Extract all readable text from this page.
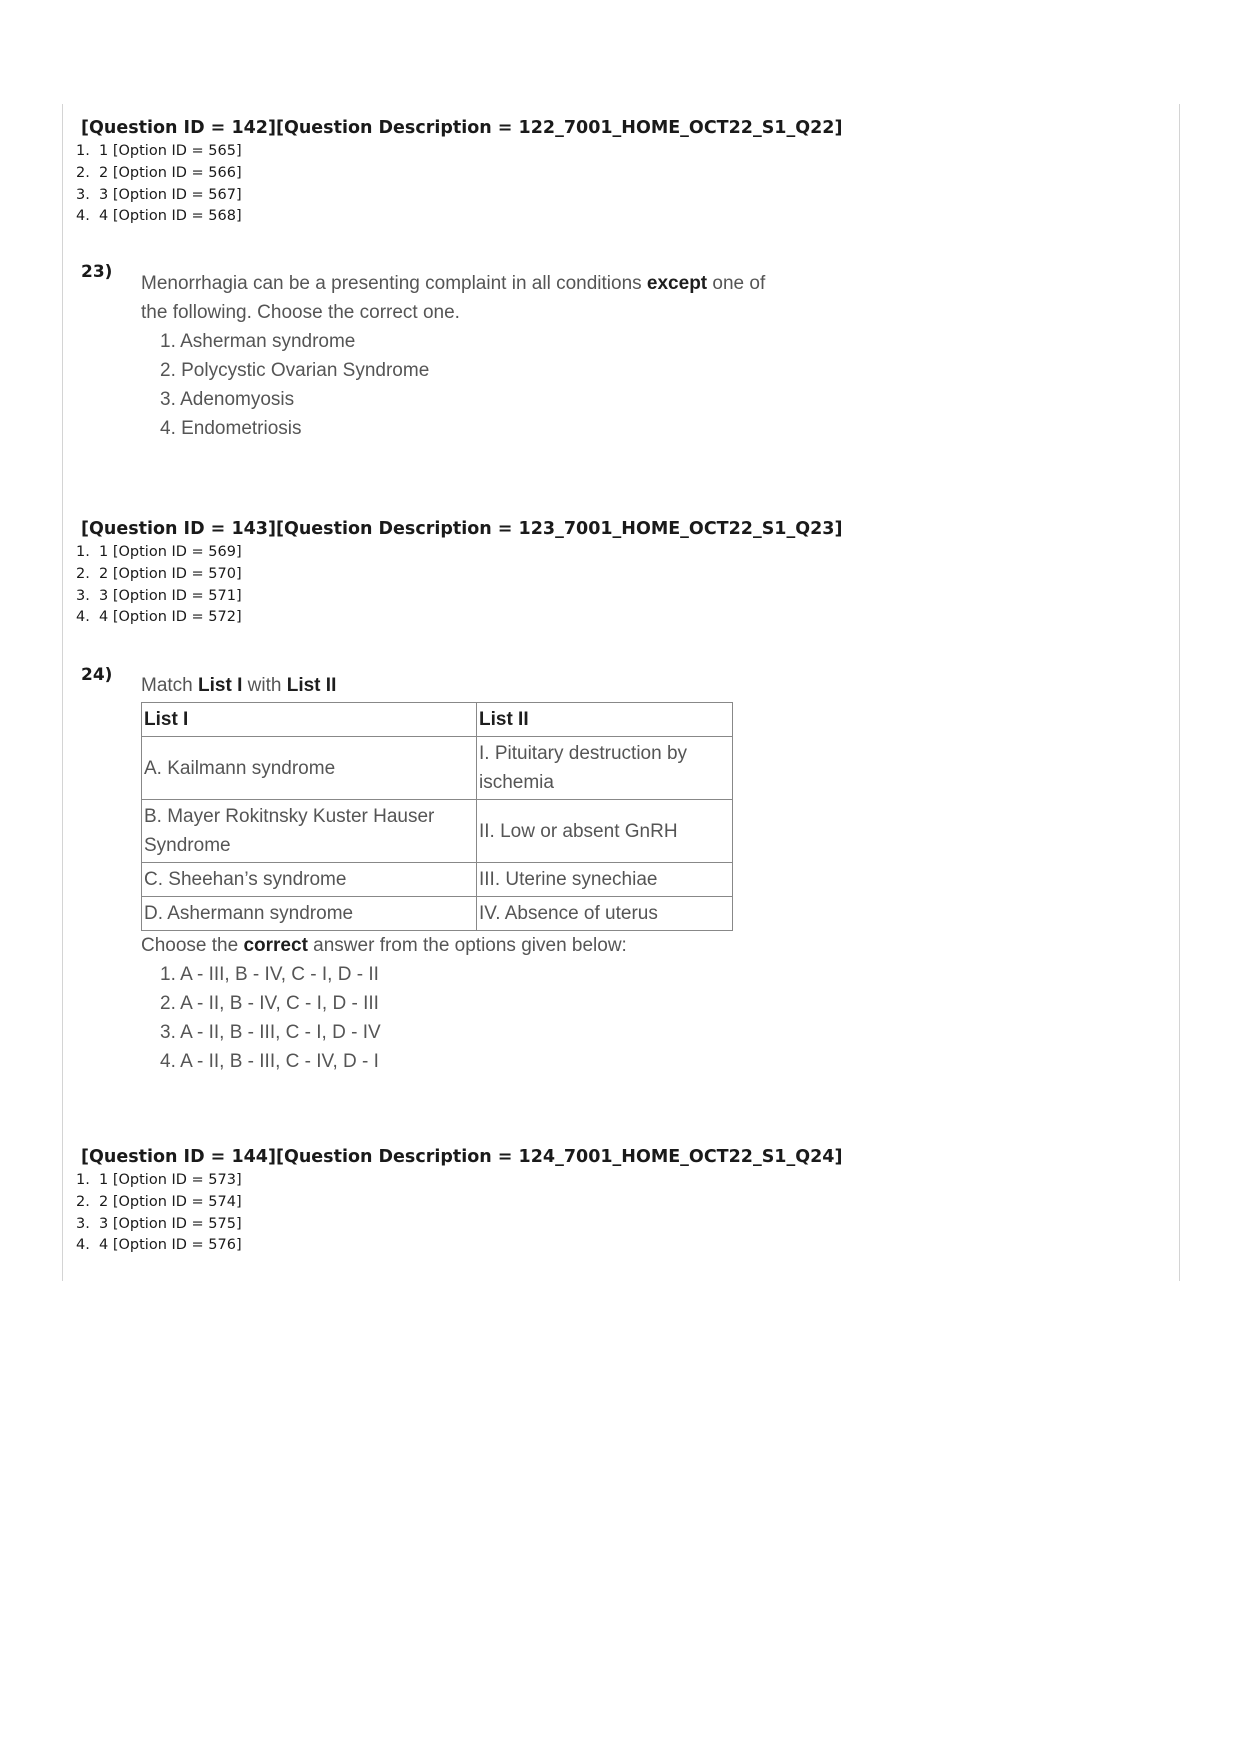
[Question ID = 142][Question Description = 122_7001_HOME_OCT22_S1_Q22]

1. 1 [Option ID = 565]
2. 2 [Option ID = 566]
3. 3 [Option ID = 567]
4. 4 [Option ID = 568]

23)

Menorrhagia can be a presenting complaint in all conditions except one of

the following. Choose the correct one.

1. Asherman syndrome
2. Polycystic Ovarian Syndrome
3. Adenomyosis
4. Endometriosis

[Question ID = 143][Question Description = 123_7001_HOME_OCT22_S1_Q23]

1. 1 [Option ID = 569]
2. 2 [Option ID = 570]
3. 3 [Option ID = 571]
4. 4 [Option ID = 572]

24) Match List I with List II

List I	List II
A. Kailmann syndrome	I. Pituitary destruction by ischemia
B. Mayer Rokitnsky Kuster Hauser Syndrome	II. Low or absent GnRH
C. Sheehan’s syndrome	III. Uterine synechiae
D. Ashermann syndrome	IV. Absence of uterus

Choose the correct answer from the options given below:

1. A - III, B - IV, C - I, D - II
2. A - II, B - IV, C - I, D - III
3. A - II, B - III, C - I, D - IV
4. A - II, B - III, C - IV, D - I

[Question ID = 144][Question Description = 124_7001_HOME_OCT22_S1_Q24]

1. 1 [Option ID = 573]
2. 2 [Option ID = 574]
3. 3 [Option ID = 575]
4. 4 [Option ID = 576]
